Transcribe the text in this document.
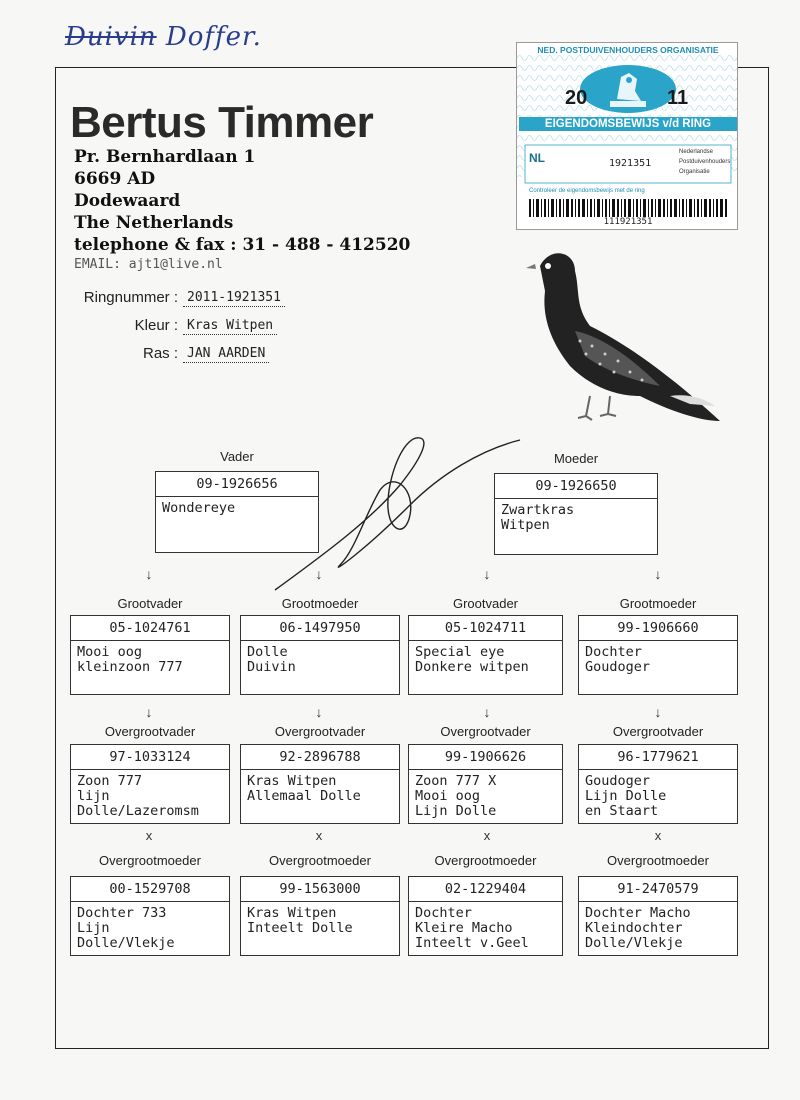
Duivin Doffer.
Bertus Timmer
Pr. Bernhardlaan 1
6669 AD
Dodewaard
The Netherlands
telephone & fax : 31 - 488 - 412520
EMAIL: ajt1@live.nl
Ringnummer : 2011-1921351
Kleur : Kras Witpen
Ras : JAN AARDEN
NED. POSTDUIVENHOUDERS ORGANISATIE
20	11
EIGENDOMSBEWIJS v/d RING
NL	1921351
Controleer de eigendomsbewijs met de ring
Nederlandse
Postduivenhouders
Organisatie
111921351
Vader
09-1926656
Wondereye
Moeder
09-1926650
Zwartkras
Witpen
↓	↓	↓	↓
Grootvader
05-1024761
Mooi oog
kleinzoon 777
Grootmoeder
06-1497950
Dolle
Duivin
Grootvader
05-1024711
Special eye
Donkere witpen
Grootmoeder
99-1906660
Dochter
Goudoger
↓	↓	↓	↓
Overgrootvader
97-1033124
Zoon 777
lijn
Dolle/Lazeromsm
Overgrootvader
92-2896788
Kras Witpen
Allemaal Dolle
Overgrootvader
99-1906626
Zoon 777 X
Mooi oog
Lijn Dolle
Overgrootvader
96-1779621
Goudoger
Lijn Dolle
en Staart
x	x	x	x
Overgrootmoeder
00-1529708
Dochter 733
Lijn
Dolle/Vlekje
Overgrootmoeder
99-1563000
Kras Witpen
Inteelt Dolle
Overgrootmoeder
02-1229404
Dochter
Kleire Macho
Inteelt v.Geel
Overgrootmoeder
91-2470579
Dochter Macho
Kleindochter
Dolle/Vlekje
